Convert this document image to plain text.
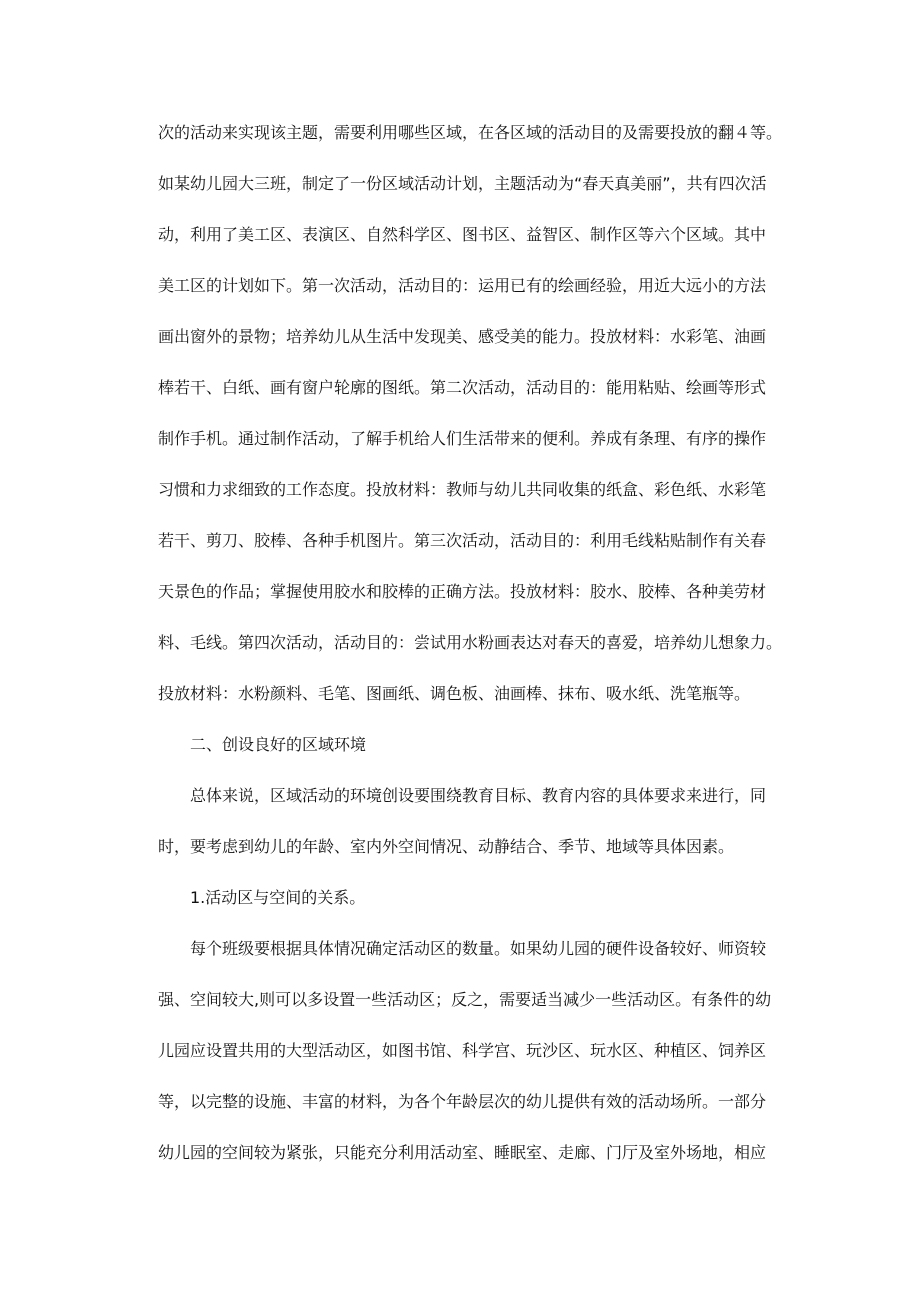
次的活动来实现该主题，需要利用哪些区域，在各区域的活动目的及需要投放的翻４等。
如某幼儿园大三班，制定了一份区域活动计划，主题活动为“春天真美丽”，共有四次活
动，利用了美工区、表演区、自然科学区、图书区、益智区、制作区等六个区域。其中
美工区的计划如下。第一次活动，活动目的：运用已有的绘画经验，用近大远小的方法
画出窗外的景物；培养幼儿从生活中发现美、感受美的能力。投放材料：水彩笔、油画
棒若干、白纸、画有窗户轮廓的图纸。第二次活动，活动目的：能用粘贴、绘画等形式
制作手机。通过制作活动，了解手机给人们生活带来的便利。养成有条理、有序的操作
习惯和力求细致的工作态度。投放材料：教师与幼儿共同收集的纸盒、彩色纸、水彩笔
若干、剪刀、胶棒、各种手机图片。第三次活动，活动目的：利用毛线粘贴制作有关春
天景色的作品；掌握使用胶水和胶棒的正确方法。投放材料：胶水、胶棒、各种美劳材
料、毛线。第四次活动，活动目的：尝试用水粉画表达对春天的喜爱，培养幼儿想象力。
投放材料：水粉颜料、毛笔、图画纸、调色板、油画棒、抹布、吸水纸、洗笔瓶等。
二、创设良好的区域环境
总体来说，区域活动的环境创设要围绕教育目标、教育内容的具体要求来进行，同
时，要考虑到幼儿的年龄、室内外空间情况、动静结合、季节、地域等具体因素。
1.活动区与空间的关系。
每个班级要根据具体情况确定活动区的数量。如果幼儿园的硬件设备较好、师资较
强、空间较大,则可以多设置一些活动区；反之，需要适当减少一些活动区。有条件的幼
儿园应设置共用的大型活动区，如图书馆、科学宫、玩沙区、玩水区、种植区、饲养区
等，以完整的设施、丰富的材料，为各个年龄层次的幼儿提供有效的活动场所。一部分
幼儿园的空间较为紧张，只能充分利用活动室、睡眠室、走廊、门厅及室外场地，相应
